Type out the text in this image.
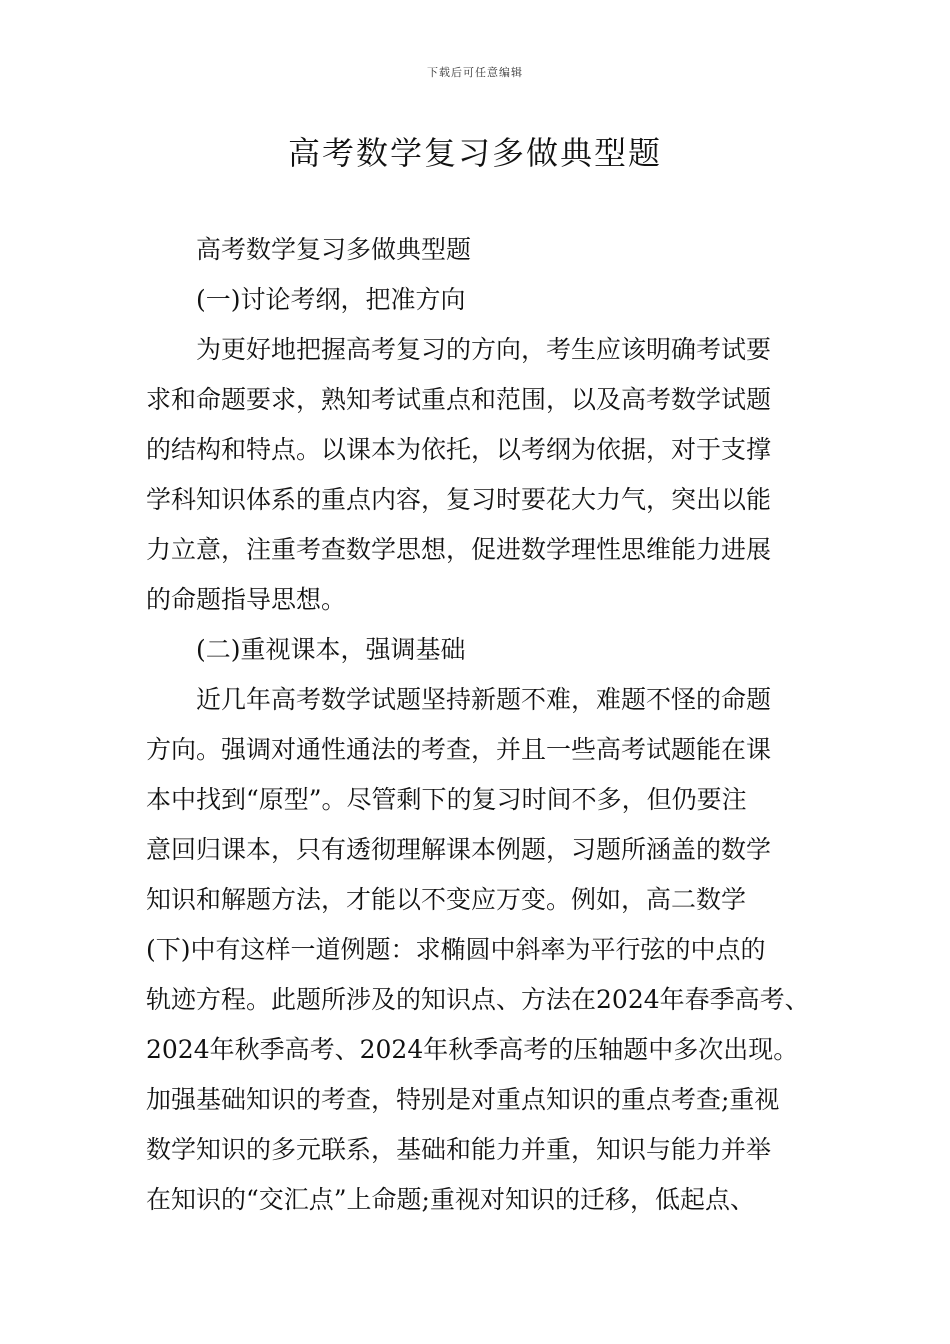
下载后可任意编辑
高考数学复习多做典型题

高考数学复习多做典型题

(一)讨论考纲，把准方向

为更好地把握高考复习的方向，考生应该明确考试要

求和命题要求，熟知考试重点和范围，以及高考数学试题

的结构和特点。以课本为依托，以考纲为依据，对于支撑

学科知识体系的重点内容，复习时要花大力气，突出以能

力立意，注重考查数学思想，促进数学理性思维能力进展

的命题指导思想。

(二)重视课本，强调基础

近几年高考数学试题坚持新题不难，难题不怪的命题

方向。强调对通性通法的考查，并且一些高考试题能在课

本中找到“原型”。尽管剩下的复习时间不多，但仍要注

意回归课本，只有透彻理解课本例题，习题所涵盖的数学

知识和解题方法，才能以不变应万变。例如，高二数学

(下)中有这样一道例题：求椭圆中斜率为平行弦的中点的

轨迹方程。此题所涉及的知识点、方法在2024年春季高考、

2024年秋季高考、2024年秋季高考的压轴题中多次出现。

加强基础知识的考查，特别是对重点知识的重点考查;重视

数学知识的多元联系，基础和能力并重，知识与能力并举

在知识的“交汇点”上命题;重视对知识的迁移，低起点、
